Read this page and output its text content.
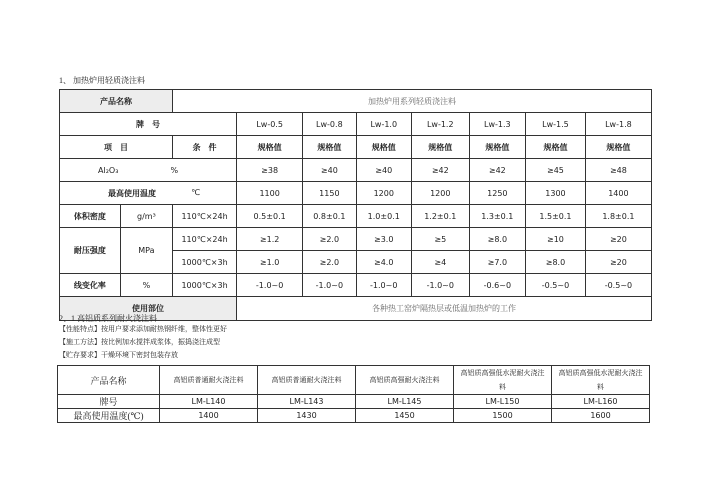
1、 加热炉用轻质浇注料
产品名称		加热炉用系列轻质浇注料							
牌　号			Lw-0.5	Lw-0.8	Lw-1.0	Lw-1.2	Lw-1.3	Lw-1.5	Lw-1.8
项　目		条　件	规格值	规格值	规格值	规格值	规格值	规格值	规格值

Al₂O₃ %			≥38	≥40	≥40	≥42	≥42	≥45	≥48

最高使用温度 ℃			1100	1150	1200	1200	1250	1300	1400
体积密度	g/m³	110℃×24h	0.5±0.1	0.8±0.1	1.0±0.1	1.2±0.1	1.3±0.1	1.5±0.1	1.8±0.1
耐压强度	MPa	110℃×24h	≥1.2	≥2.0	≥3.0	≥5	≥8.0	≥10	≥20
		1000℃×3h	≥1.0	≥2.0	≥4.0	≥4	≥7.0	≥8.0	≥20
线变化率	%	1000℃×3h	-1.0~0	-1.0~0	-1.0~0	-1.0~0	-0.6~0	-0.5~0	-0.5~0
使用部位			各种热工窑炉隔热层或低温加热炉的工作						
2、1 高铝质系列耐火浇注料
【性能特点】按用户要求添加耐热钢纤维，整体性更好
【施工方法】按比例加水搅拌成浆体，振捣浇注成型
【贮存要求】干燥环境下密封包装存放
产品名称	高铝质普通耐火浇注料	高铝质普通耐火浇注料	高铝质高强耐火浇注料	高铝质高强低水泥耐火浇注料	高铝质高强低水泥耐火浇注料
牌号	LM-L140	LM-L143	LM-L145	LM-L150	LM-L160
最高使用温度(℃)	1400	1430	1450	1500	1600
